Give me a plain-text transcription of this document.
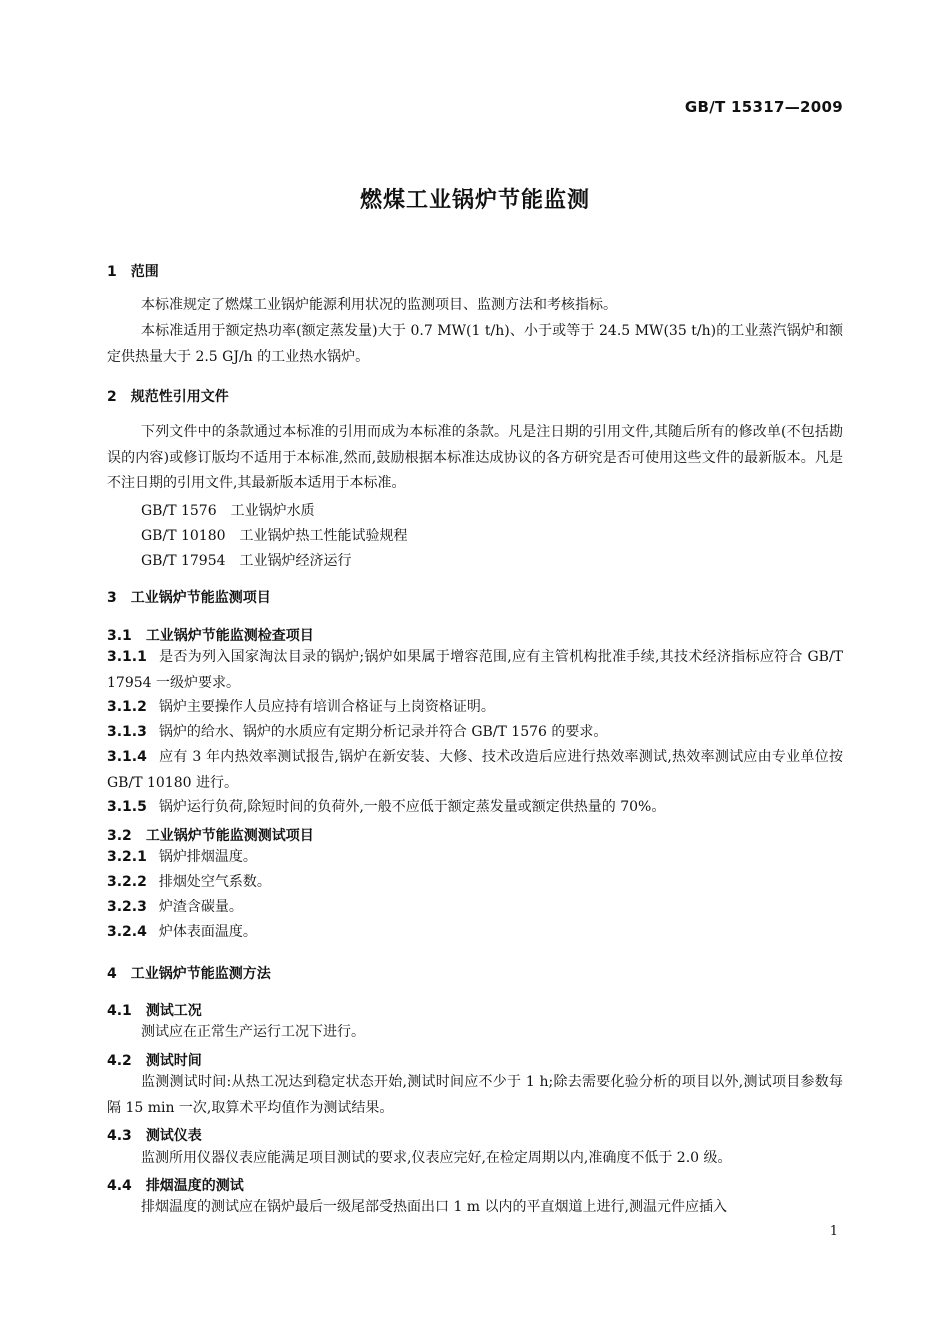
GB/T 15317—2009
燃煤工业锅炉节能监测
1 范围
本标准规定了燃煤工业锅炉能源利用状况的监测项目、监测方法和考核指标。
本标准适用于额定热功率(额定蒸发量)大于 0.7 MW(1 t/h)、小于或等于 24.5 MW(35 t/h)的工业蒸汽锅炉和额定供热量大于 2.5 GJ/h 的工业热水锅炉。
2 规范性引用文件
下列文件中的条款通过本标准的引用而成为本标准的条款。凡是注日期的引用文件,其随后所有的修改单(不包括勘误的内容)或修订版均不适用于本标准,然而,鼓励根据本标准达成协议的各方研究是否可使用这些文件的最新版本。凡是不注日期的引用文件,其最新版本适用于本标准。
GB/T 1576 工业锅炉水质
GB/T 10180 工业锅炉热工性能试验规程
GB/T 17954 工业锅炉经济运行
3 工业锅炉节能监测项目
3.1 工业锅炉节能监测检查项目
3.1.1 是否为列入国家淘汰目录的锅炉;锅炉如果属于增容范围,应有主管机构批准手续,其技术经济指标应符合 GB/T 17954 一级炉要求。
3.1.2 锅炉主要操作人员应持有培训合格证与上岗资格证明。
3.1.3 锅炉的给水、锅炉的水质应有定期分析记录并符合 GB/T 1576 的要求。
3.1.4 应有 3 年内热效率测试报告,锅炉在新安装、大修、技术改造后应进行热效率测试,热效率测试应由专业单位按 GB/T 10180 进行。
3.1.5 锅炉运行负荷,除短时间的负荷外,一般不应低于额定蒸发量或额定供热量的 70%。
3.2 工业锅炉节能监测测试项目
3.2.1 锅炉排烟温度。
3.2.2 排烟处空气系数。
3.2.3 炉渣含碳量。
3.2.4 炉体表面温度。
4 工业锅炉节能监测方法
4.1 测试工况
测试应在正常生产运行工况下进行。
4.2 测试时间
监测测试时间:从热工况达到稳定状态开始,测试时间应不少于 1 h;除去需要化验分析的项目以外,测试项目参数每隔 15 min 一次,取算术平均值作为测试结果。
4.3 测试仪表
监测所用仪器仪表应能满足项目测试的要求,仪表应完好,在检定周期以内,准确度不低于 2.0 级。
4.4 排烟温度的测试
排烟温度的测试应在锅炉最后一级尾部受热面出口 1 m 以内的平直烟道上进行,测温元件应插入
1
